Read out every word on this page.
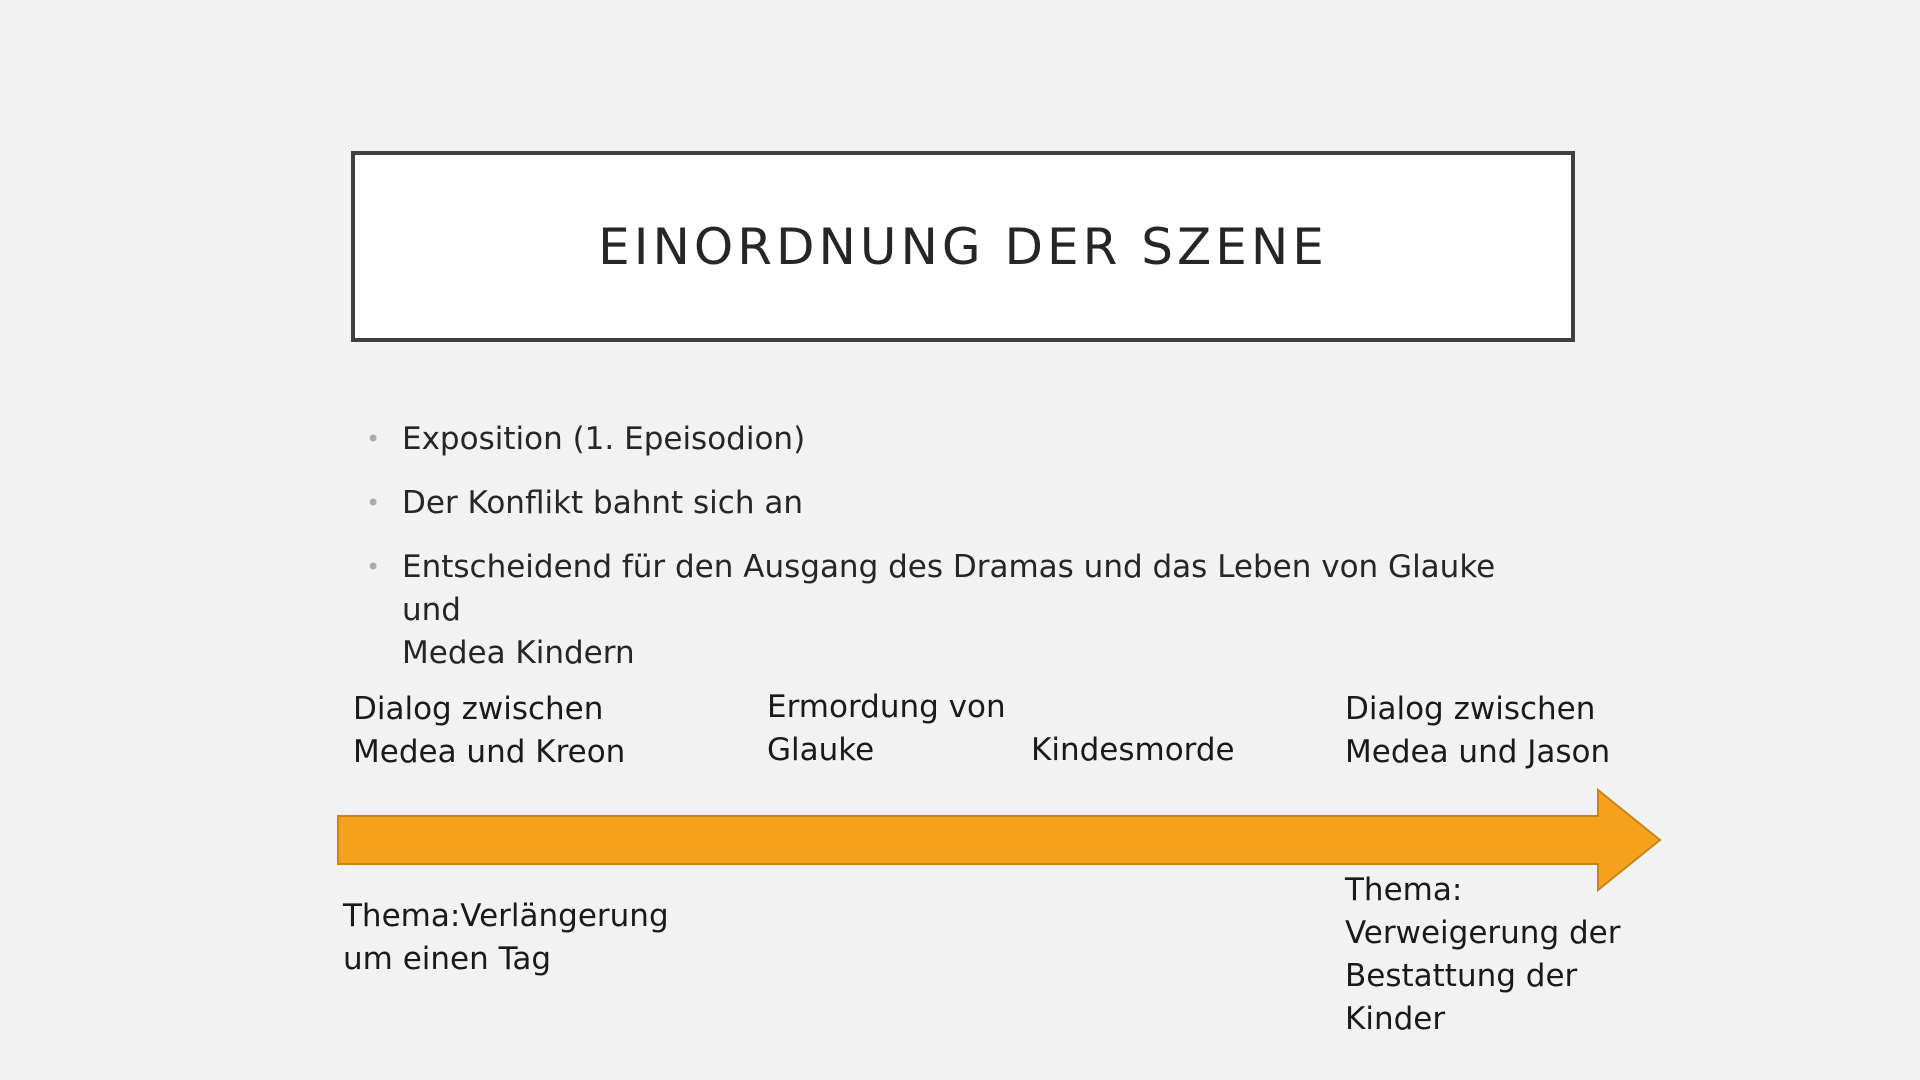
EINORDNUNG DER SZENE
• Exposition (1. Epeisodion)
• Der Konflikt bahnt sich an
• Entscheidend für den Ausgang des Dramas und das Leben von Glauke und
Medea Kindern
Dialog zwischen
Medea und Kreon
Ermordung von
Glauke	Kindesmorde
Dialog zwischen
Medea und Jason
Thema:Verlängerung
um einen Tag
Thema:
Verweigerung der
Bestattung der
Kinder
